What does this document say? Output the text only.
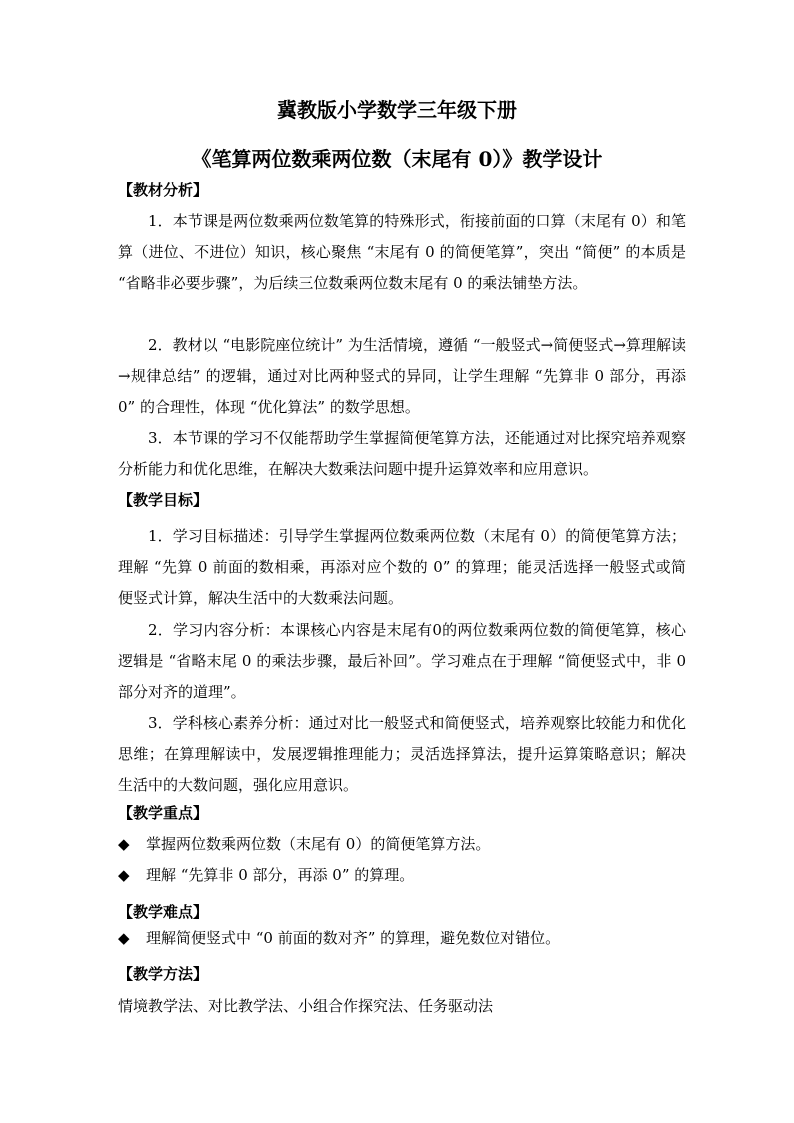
冀教版小学数学三年级下册
《笔算两位数乘两位数（末尾有 0）》教学设计
【教材分析】

1．本节课是两位数乘两位数笔算的特殊形式，衔接前面的口算（末尾有 0）和笔算（进位、不进位）知识，核心聚焦 “末尾有 0 的简便笔算”，突出 “简便” 的本质是 “省略非必要步骤”，为后续三位数乘两位数末尾有 0 的乘法铺垫方法。

2．教材以 “电影院座位统计” 为生活情境，遵循 “一般竖式→简便竖式→算理解读→规律总结” 的逻辑，通过对比两种竖式的异同，让学生理解 “先算非 0 部分，再添 0” 的合理性，体现 “优化算法” 的数学思想。

3．本节课的学习不仅能帮助学生掌握简便笔算方法，还能通过对比探究培养观察分析能力和优化思维，在解决大数乘法问题中提升运算效率和应用意识。

【教学目标】

1．学习目标描述：引导学生掌握两位数乘两位数（末尾有 0）的简便笔算方法；理解 “先算 0 前面的数相乘，再添对应个数的 0” 的算理；能灵活选择一般竖式或简便竖式计算，解决生活中的大数乘法问题。

2．学习内容分析：本课核心内容是末尾有0的两位数乘两位数的简便笔算，核心逻辑是 “省略末尾 0 的乘法步骤，最后补回”。学习难点在于理解 “简便竖式中，非 0 部分对齐的道理”。

3．学科核心素养分析：通过对比一般竖式和简便竖式，培养观察比较能力和优化思维；在算理解读中，发展逻辑推理能力；灵活选择算法，提升运算策略意识；解决生活中的大数问题，强化应用意识。

【教学重点】
◆ 掌握两位数乘两位数（末尾有 0）的简便笔算方法。
◆ 理解 “先算非 0 部分，再添 0” 的算理。
【教学难点】
◆ 理解简便竖式中 “0 前面的数对齐” 的算理，避免数位对错位。
【教学方法】
情境教学法、对比教学法、小组合作探究法、任务驱动法
